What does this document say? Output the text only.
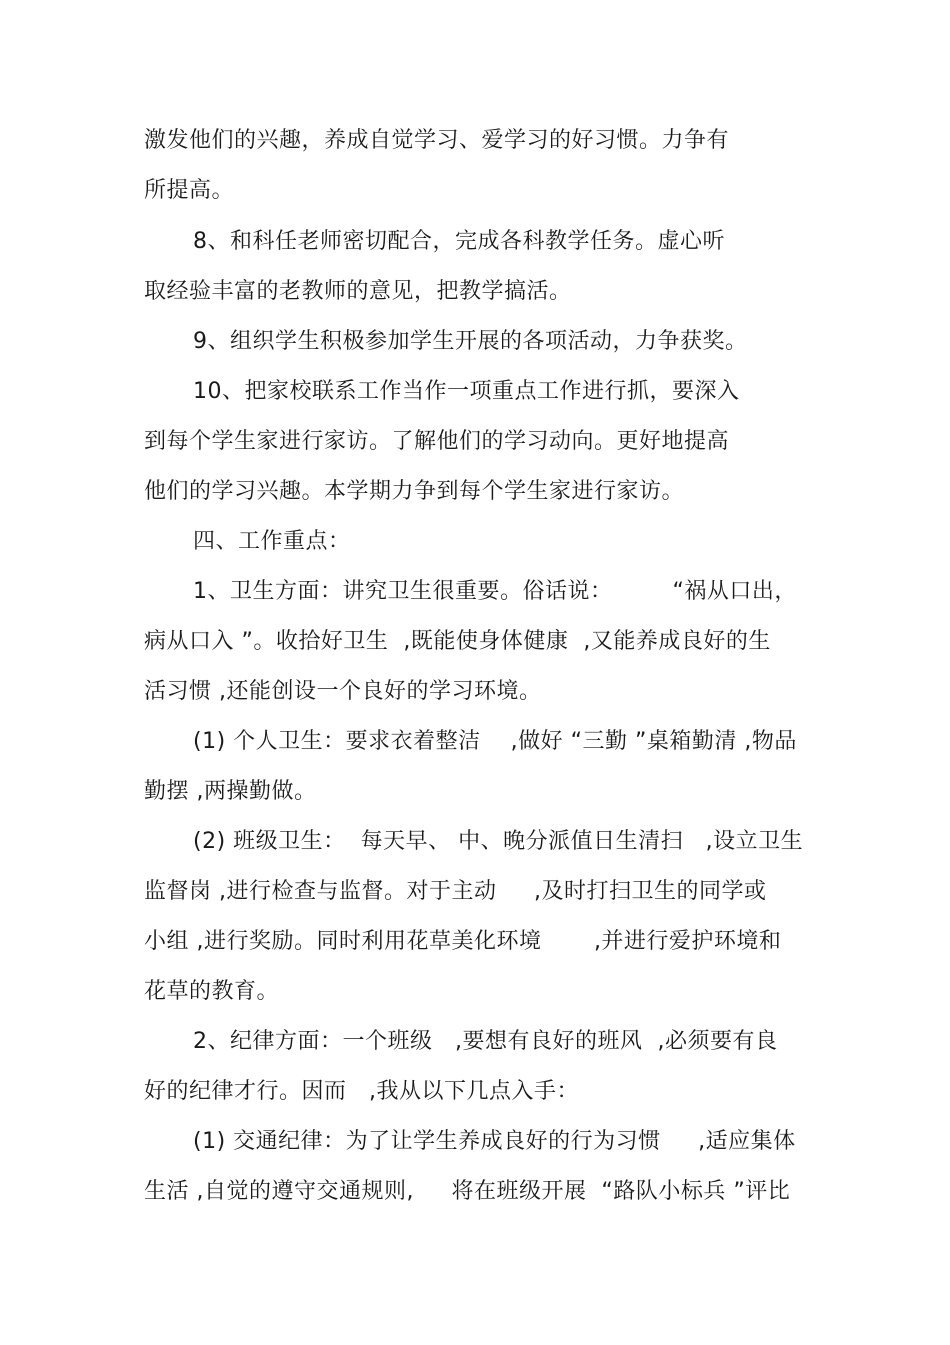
激发他们的兴趣，养成自觉学习、爱学习的好习惯。力争有
所提高。
8、和科任老师密切配合，完成各科教学任务。虚心听
取经验丰富的老教师的意见，把教学搞活。
9、组织学生积极参加学生开展的各项活动，力争获奖。
10、把家校联系工作当作一项重点工作进行抓，要深入
到每个学生家进行家访。了解他们的学习动向。更好地提高
他们的学习兴趣。本学期力争到每个学生家进行家访。
四、工作重点：
1、卫生方面：讲究卫生很重要。俗话说：        “祸从口出，
病从口入 ”。收拾好卫生  ,既能使身体健康  ,又能养成良好的生
活习惯 ,还能创设一个良好的学习环境。
(1) 个人卫生：要求衣着整洁    ,做好 “三勤 ”桌箱勤清 ,物品
勤摆 ,两操勤做。
(2) 班级卫生：  每天早、 中、晚分派值日生清扫   ,设立卫生
监督岗 ,进行检查与监督。对于主动     ,及时打扫卫生的同学或
小组 ,进行奖励。同时利用花草美化环境       ,并进行爱护环境和
花草的教育。
2、纪律方面：一个班级   ,要想有良好的班风  ,必须要有良
好的纪律才行。因而   ,我从以下几点入手：
(1) 交通纪律：为了让学生养成良好的行为习惯     ,适应集体
生活 ,自觉的遵守交通规则,     将在班级开展  “路队小标兵 ”评比
